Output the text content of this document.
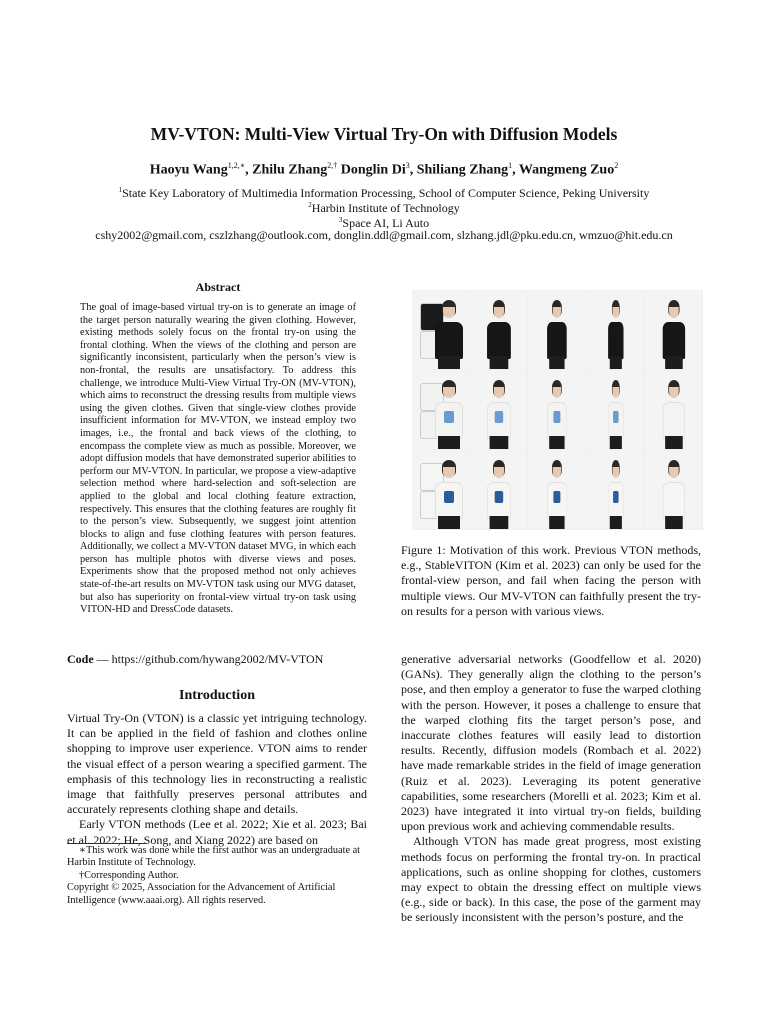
MV-VTON: Multi-View Virtual Try-On with Diffusion Models
Haoyu Wang$^{1,2,∗}$, Zhilu Zhang$^{2,\dagger}$ Donglin Di$^3$, Shiliang Zhang$^1$, Wangmeng Zuo$^2$
$^1$State Key Laboratory of Multimedia Information Processing, School of Computer Science, Peking University
$^2$Harbin Institute of Technology
$^3$Space AI, Li Auto
cshy2002@gmail.com, cszlzhang@outlook.com, donglin.ddl@gmail.com, slzhang.jdl@pku.edu.cn, wmzuo@hit.edu.cn
Abstract
The goal of image-based virtual try-on is to generate an image of the target person naturally wearing the given clothing. However, existing methods solely focus on the frontal try-on using the frontal clothing. When the views of the clothing and person are significantly inconsistent, particularly when the person’s view is non-frontal, the results are unsatisfactory. To address this challenge, we introduce Multi-View Virtual Try-ON (MV-VTON), which aims to reconstruct the dressing results from multiple views using the given clothes. Given that single-view clothes provide insufficient information for MV-VTON, we instead employ two images, i.e., the frontal and back views of the clothing, to encompass the complete view as much as possible. Moreover, we adopt diffusion models that have demonstrated superior abilities to perform our MV-VTON. In particular, we propose a view-adaptive selection method where hard-selection and soft-selection are applied to the global and local clothing feature extraction, respectively. This ensures that the clothing features are roughly fit to the person’s view. Subsequently, we suggest joint attention blocks to align and fuse clothing features with person features. Additionally, we collect a MV-VTON dataset MVG, in which each person has multiple photos with diverse views and poses. Experiments show that the proposed method not only achieves state-of-the-art results on MV-VTON task using our MVG dataset, but also has superiority on frontal-view virtual try-on task using VITON-HD and DressCode datasets.
Code — https://github.com/hywang2002/MV-VTON
Introduction

Virtual Try-On (VTON) is a classic yet intriguing technology. It can be applied in the field of fashion and clothes online shopping to improve user experience. VTON aims to render the visual effect of a person wearing a specified garment. The emphasis of this technology lies in reconstructing a realistic image that faithfully preserves personal attributes and accurately represents clothing shape and details.

Early VTON methods (Lee et al. 2022; Xie et al. 2023; Bai et al. 2022; He, Song, and Xiang 2022) are based on

∗This work was done while the first author was an undergraduate at Harbin Institute of Technology.

†Corresponding Author.

Copyright © 2025, Association for the Advancement of Artificial Intelligence (www.aaai.org). All rights reserved.

Figure 1: Motivation of this work. Previous VTON methods, e.g., StableVITON (Kim et al. 2023) can only be used for the frontal-view person, and fail when facing the person with multiple views. Our MV-VTON can faithfully present the try-on results for a person with various views.

generative adversarial networks (Goodfellow et al. 2020) (GANs). They generally align the clothing to the person’s pose, and then employ a generator to fuse the warped clothing with the person. However, it poses a challenge to ensure that the warped clothing fits the target person’s pose, and inaccurate clothes features will easily lead to distortion results. Recently, diffusion models (Rombach et al. 2022) have made remarkable strides in the field of image generation (Ruiz et al. 2023). Leveraging its potent generative capabilities, some researchers (Morelli et al. 2023; Kim et al. 2023) have integrated it into virtual try-on fields, building upon previous work and achieving commendable results.

Although VTON has made great progress, most existing methods focus on performing the frontal try-on. In practical applications, such as online shopping for clothes, customers may expect to obtain the dressing effect on multiple views (e.g., side or back). In this case, the pose of the garment may be seriously inconsistent with the person’s posture, and the
